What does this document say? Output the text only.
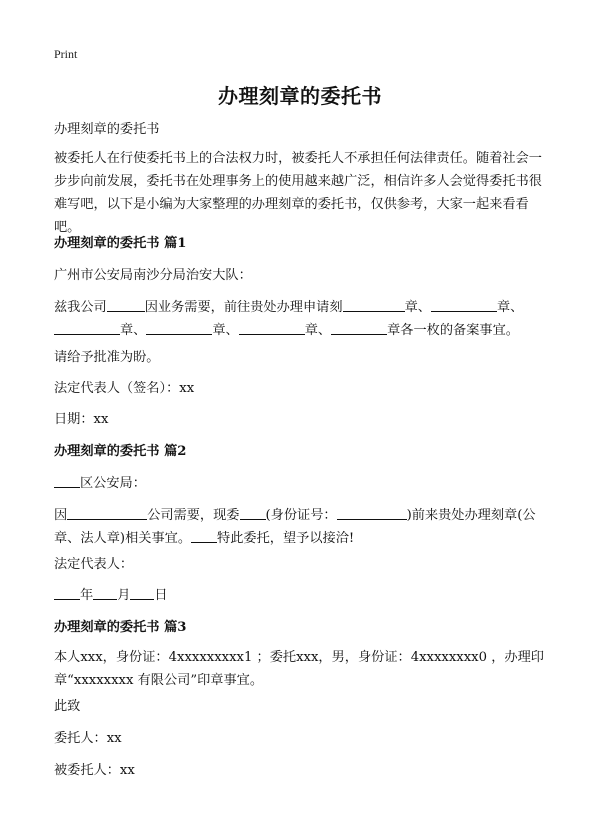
Print
办理刻章的委托书
办理刻章的委托书
被委托人在行使委托书上的合法权力时，被委托人不承担任何法律责任。随着社会一步步向前发展，委托书在处理事务上的使用越来越广泛，相信许多人会觉得委托书很难写吧，以下是小编为大家整理的办理刻章的委托书，仅供参考，大家一起来看看吧。
办理刻章的委托书 篇1
广州市公安局南沙分局治安大队：
兹我公司	因业务需要，前往贵处办理申请刻	章、	章、
章、	章、	章、	章各一枚的备案事宜。
请给予批准为盼。
法定代表人（签名）：xx
日期：xx
办理刻章的委托书 篇2
区公安局：
因	公司需要，现委 (身份证号：	)前来贵处办理刻章(公章、法人章)相关事宜。 特此委托，望予以接洽!
法定代表人：
年 月 日
办理刻章的委托书 篇3
本人xxx，身份证：4xxxxxxxxx1 ；委托xxx，男，身份证：4xxxxxxxx0 ，办理印章“xxxxxxxx 有限公司”印章事宜。
此致
委托人：xx
被委托人：xx
